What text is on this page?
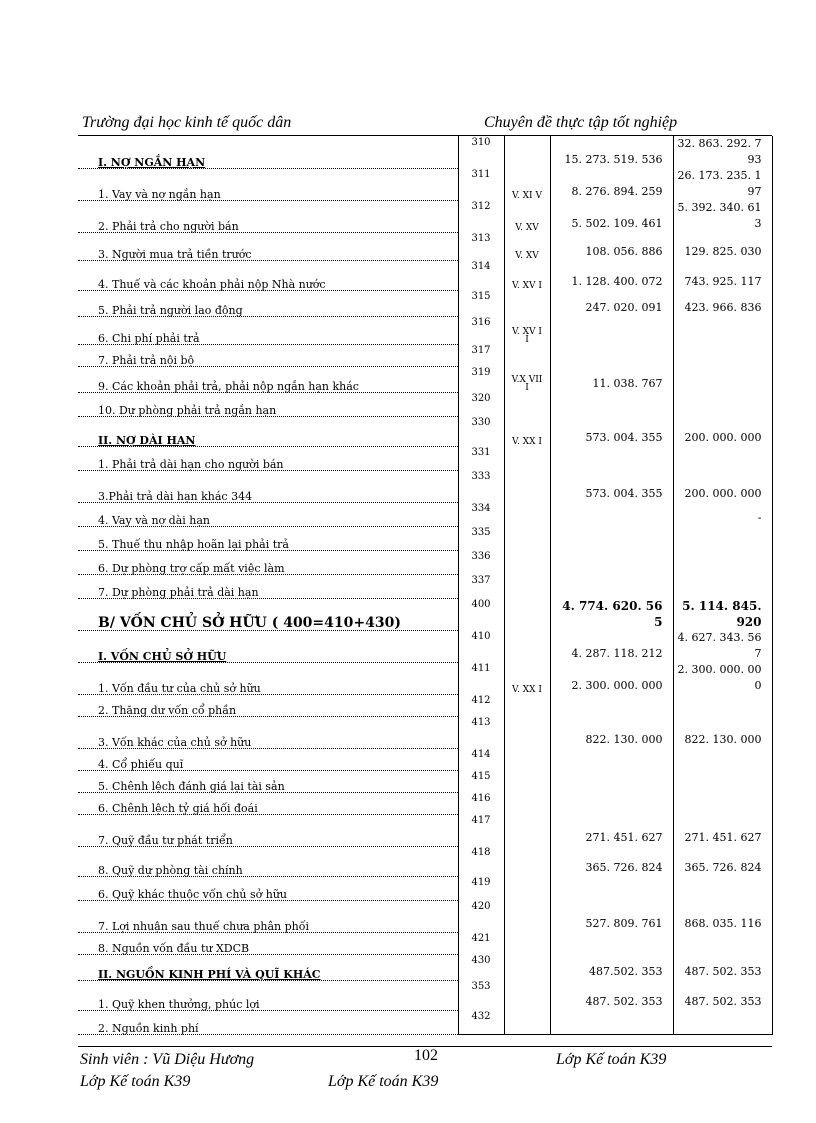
Trường đại học kinh tế quốc dân	Chuyên đề thực tập tốt nghiệp
I. NỢ NGẮN HẠN	310		15. 273. 519. 536	32. 863. 292. 793

1. Vay và nợ ngắn hạn	311	V. XI V	8. 276. 894. 259	26. 173. 235. 197

2. Phải trả cho người bán	312	V. XV	5. 502. 109. 461	5. 392. 340. 613

3. Người mua trả tiền trước	313	V. XV	108. 056. 886	129. 825. 030

4. Thuế và các khoản phải nộp Nhà nước	314	V. XV I	1. 128. 400. 072	743. 925. 117

5. Phải trả người lao động	315		247. 020. 091	423. 966. 836

6. Chi phí phải trả	316	V. XV II		

7. Phải trả nội bộ	317			

9. Các khoản phải trả, phải nộp ngắn hạn khác	319	V.X VIII	11. 038. 767	

10. Dự phòng phải trả ngắn hạn	320			

II. NỢ DÀI HẠN	330	V. XX I	573. 004. 355	200. 000. 000

1. Phải trả dài hạn cho người bán	331			

3.Phải trả dài hạn khác 344	333		573. 004. 355	200. 000. 000

4. Vay và nợ dài hạn	334			-

5. Thuế thu nhập hoãn lại phải trả	335			

6. Dự phòng trợ cấp mất việc làm	336			

7. Dự phòng phải trả dài hạn	337			

B/ VỐN CHỦ SỞ HỮU ( 400=410+430)	400		4. 774. 620. 565	5. 114. 845. 920

I. VỐN CHỦ SỞ HỮU	410		4. 287. 118. 212	4. 627. 343. 567

1. Vốn đầu tư của chủ sở hữu	411	V. XX I	2. 300. 000. 000	2. 300. 000. 000

2. Thặng dư vốn cổ phần	412			

3. Vốn khác của chủ sở hữu	413		822. 130. 000	822. 130. 000

4. Cổ phiếu quĩ	414			

5. Chênh lệch đánh giá lại tài sản	415			

6. Chênh lệch tỷ giá hối đoái	416			

7. Quỹ đầu tư phát triển	417		271. 451. 627	271. 451. 627

8. Quỹ dự phòng tài chính	418		365. 726. 824	365. 726. 824

6. Quỹ khác thuộc vốn chủ sở hữu	419			

7. Lợi nhuận sau thuế chưa phân phối	420		527. 809. 761	868. 035. 116

8. Nguồn vốn đầu tư XDCB	421			

II. NGUỒN KINH PHÍ VÀ QUĨ KHÁC	430		487.502. 353	487. 502. 353

1. Quỹ khen thưởng, phúc lợi	353		487. 502. 353	487. 502. 353

2. Nguồn kinh phí	432			

Sinh viên : Vũ Diệu Hương	102	Lớp Kế toán K39
Lớp Kế toán K39	Lớp Kế toán K39
